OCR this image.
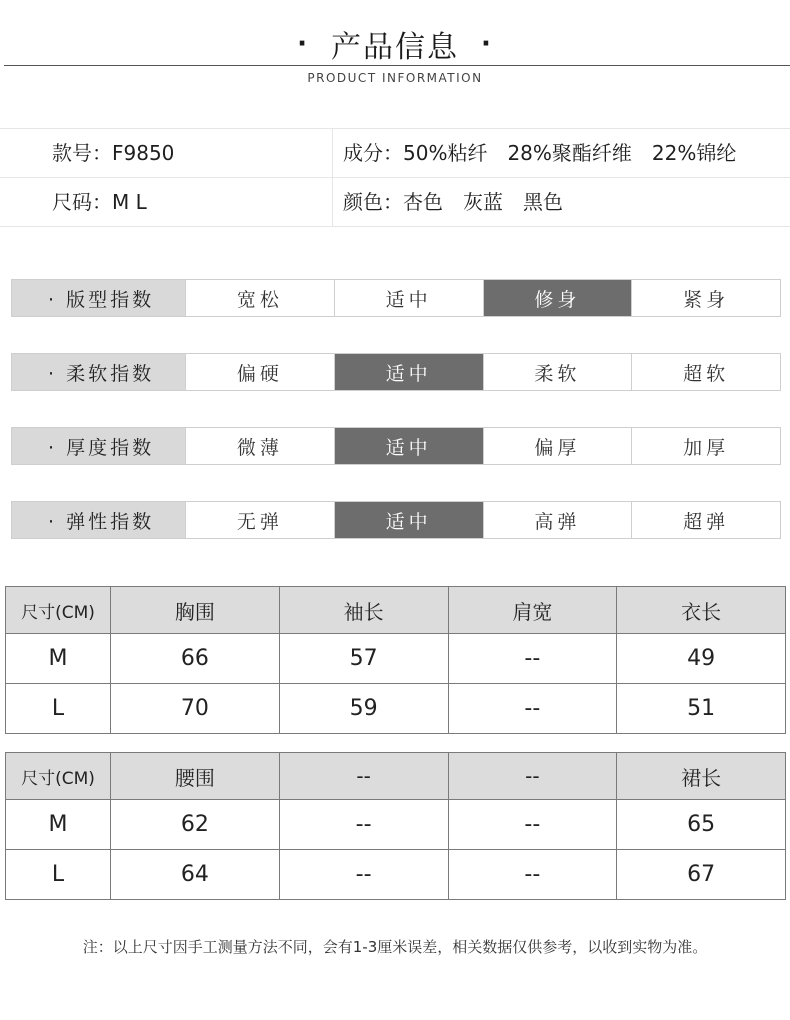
· 产品信息 ·
PRODUCT INFORMATION
款号：F9850	成分：50%粘纤　28%聚酯纤维　22%锦纶
尺码：M L	颜色：杏色　灰蓝　黑色
· 版型指数	宽松	适中	修身	紧身
· 柔软指数	偏硬	适中	柔软	超软
· 厚度指数	微薄	适中	偏厚	加厚
· 弹性指数	无弹	适中	高弹	超弹
尺寸(CM)	胸围	袖长	肩宽	衣长
M	66	57	--	49
L	70	59	--	51
尺寸(CM)	腰围	--	--	裙长
M	62	--	--	65
L	64	--	--	67
注：以上尺寸因手工测量方法不同，会有1-3厘米误差，相关数据仅供参考，以收到实物为准。
